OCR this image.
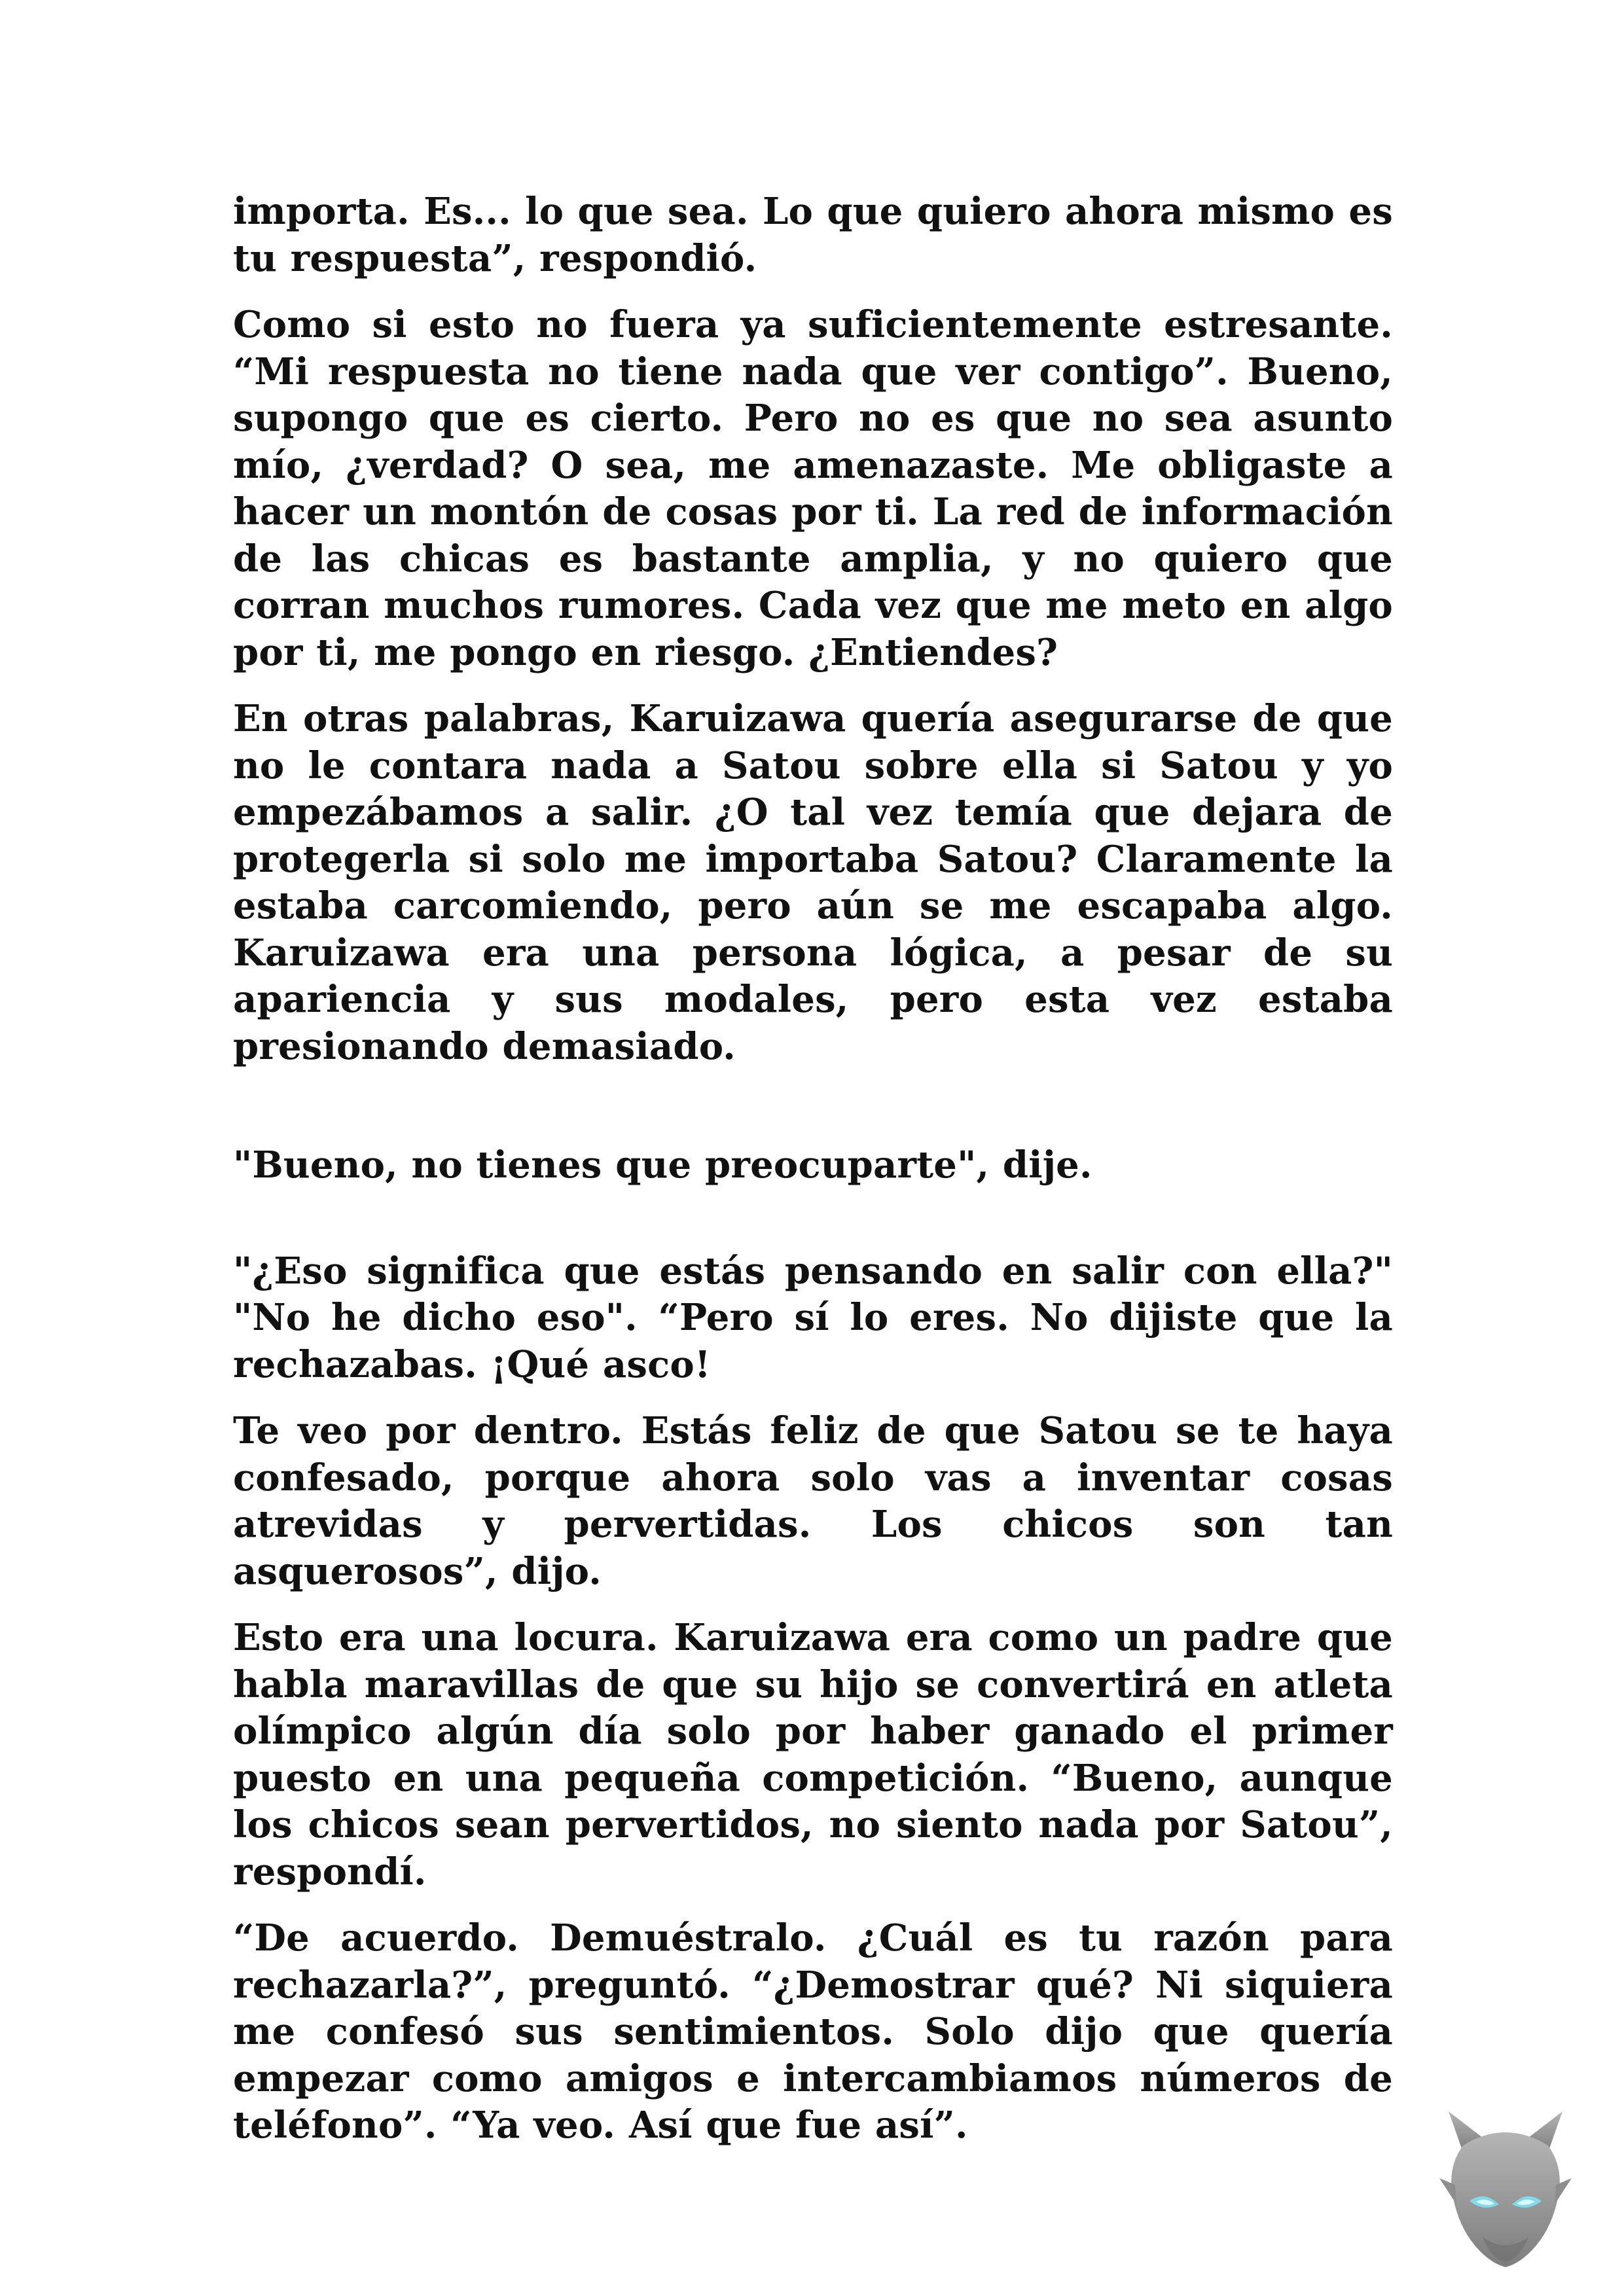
importa. Es... lo que sea. Lo que quiero ahora mismo es tu respuesta”, respondió.

Como si esto no fuera ya suficientemente estresante. “Mi respuesta no tiene nada que ver contigo”. Bueno, supongo que es cierto. Pero no es que no sea asunto mío, ¿verdad? O sea, me amenazaste. Me obligaste a hacer un montón de cosas por ti. La red de información de las chicas es bastante amplia, y no quiero que corran muchos rumores. Cada vez que me meto en algo por ti, me pongo en riesgo. ¿Entiendes?

En otras palabras, Karuizawa quería asegurarse de que no le contara nada a Satou sobre ella si Satou y yo empezábamos a salir. ¿O tal vez temía que dejara de protegerla si solo me importaba Satou? Claramente la estaba carcomiendo, pero aún se me escapaba algo. Karuizawa era una persona lógica, a pesar de su apariencia y sus modales, pero esta vez estaba presionando demasiado.

"Bueno, no tienes que preocuparte", dije.

"¿Eso significa que estás pensando en salir con ella?" "No he dicho eso". “Pero sí lo eres. No dijiste que la rechazabas. ¡Qué asco!

Te veo por dentro. Estás feliz de que Satou se te haya confesado, porque ahora solo vas a inventar cosas atrevidas y pervertidas. Los chicos son tan asquerosos”, dijo.

Esto era una locura. Karuizawa era como un padre que habla maravillas de que su hijo se convertirá en atleta olímpico algún día solo por haber ganado el primer puesto en una pequeña competición. “Bueno, aunque los chicos sean pervertidos, no siento nada por Satou”, respondí.

“De acuerdo. Demuéstralo. ¿Cuál es tu razón para rechazarla?”, preguntó. “¿Demostrar qué? Ni siquiera me confesó sus sentimientos. Solo dijo que quería empezar como amigos e intercambiamos números de teléfono”. “Ya veo. Así que fue así”.
